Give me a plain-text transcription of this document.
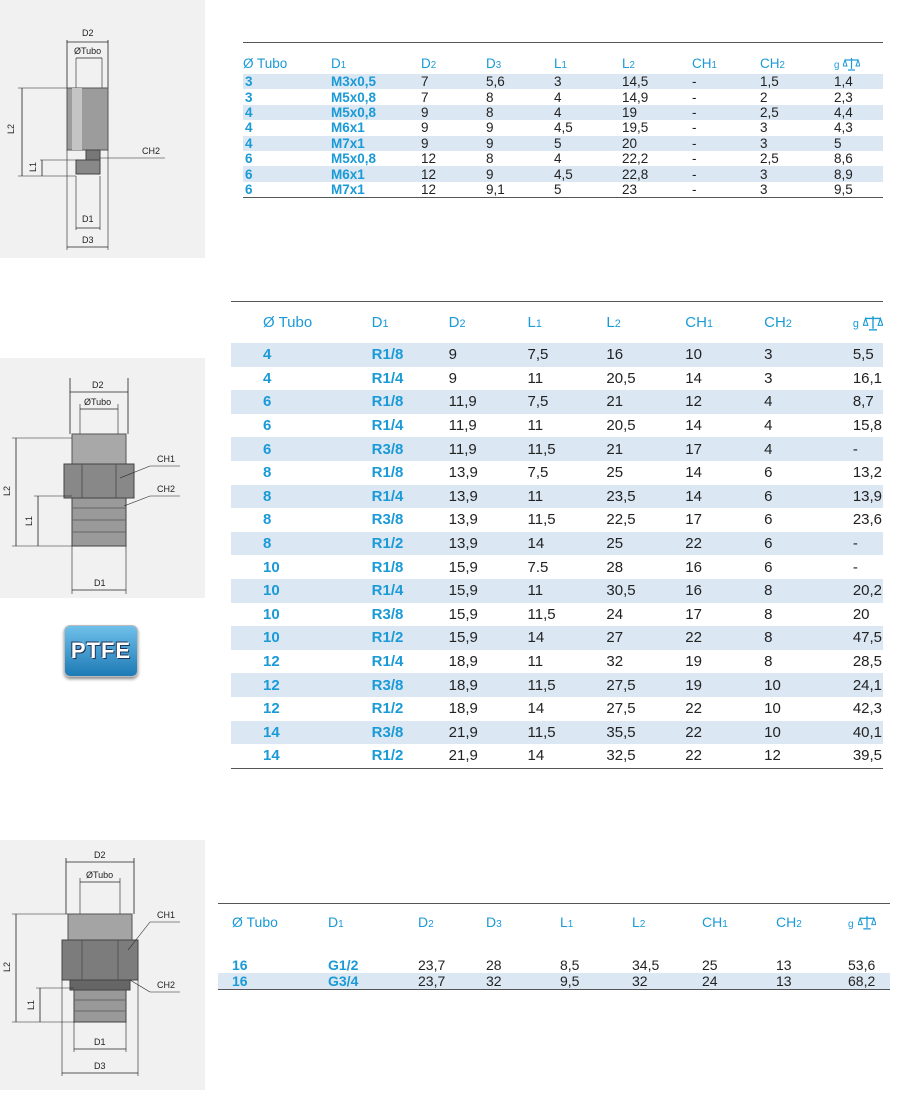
D2
ØTubo
L2
L1
CH2
D1
D3
Ø Tubo	D1	D2	D3	L1	L2	CH1	CH2	g
3	M3x0,5	7	5,6	3	14,5	-	1,5	1,4
3	M5x0,8	7	8	4	14,9	-	2	2,3
4	M5x0,8	9	8	4	19	-	2,5	4,4
4	M6x1	9	9	4,5	19,5	-	3	4,3
4	M7x1	9	9	5	20	-	3	5
6	M5x0,8	12	8	4	22,2	-	2,5	8,6
6	M6x1	12	9	4,5	22,8	-	3	8,9
6	M7x1	12	9,1	5	23	-	3	9,5
D2
ØTubo
L2
L1
CH1
CH2
D1
PTFE
Ø Tubo	D1	D2	L1	L2	CH1	CH2	g
4	R1/8	9	7,5	16	10	3	5,5
4	R1/4	9	11	20,5	14	3	16,1
6	R1/8	11,9	7,5	21	12	4	8,7
6	R1/4	11,9	11	20,5	14	4	15,8
6	R3/8	11,9	11,5	21	17	4	-
8	R1/8	13,9	7,5	25	14	6	13,2
8	R1/4	13,9	11	23,5	14	6	13,9
8	R3/8	13,9	11,5	22,5	17	6	23,6
8	R1/2	13,9	14	25	22	6	-
10	R1/8	15,9	7.5	28	16	6	-
10	R1/4	15,9	11	30,5	16	8	20,2
10	R3/8	15,9	11,5	24	17	8	20
10	R1/2	15,9	14	27	22	8	47,5
12	R1/4	18,9	11	32	19	8	28,5
12	R3/8	18,9	11,5	27,5	19	10	24,1
12	R1/2	18,9	14	27,5	22	10	42,3
14	R3/8	21,9	11,5	35,5	22	10	40,1
14	R1/2	21,9	14	32,5	22	12	39,5
D2
ØTubo
L2
L1
CH1
CH2
D1
D3
Ø Tubo	D1	D2	D3	L1	L2	CH1	CH2	g

16	G1/2	23,7	28	8,5	34,5	25	13	53,6
16	G3/4	23,7	32	9,5	32	24	13	68,2
